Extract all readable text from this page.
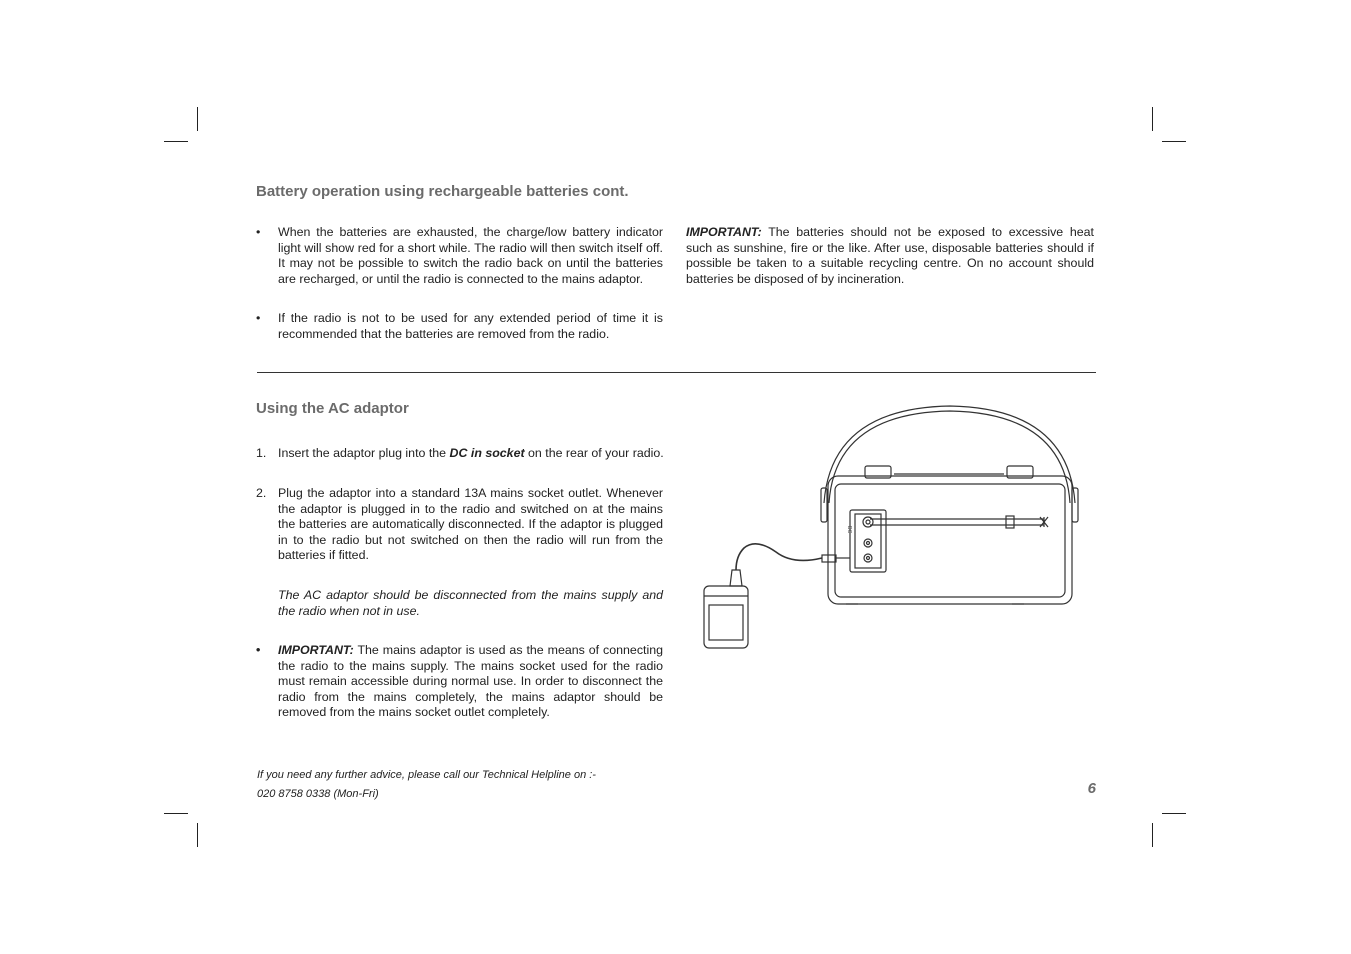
Battery operation using rechargeable batteries cont.
• When the batteries are exhausted, the charge/low battery indicator light will show red for a short while. The radio will then switch itself off. It may not be possible to switch the radio back on until the batteries are recharged, or until the radio is connected to the mains adaptor.

• If the radio is not to be used for any extended period of time it is recommended that the batteries are removed from the radio.

IMPORTANT: The batteries should not be exposed to excessive heat such as sunshine, fire or the like. After use, disposable batteries should if possible be taken to a suitable recycling centre. On no account should batteries be disposed of by incineration.

Using the AC adaptor
1. Insert the adaptor plug into the DC in socket on the rear of your radio.

2. Plug the adaptor into a standard 13A mains socket outlet. Whenever the adaptor is plugged in to the radio and switched on at the mains the batteries are automatically disconnected. If the adaptor is plugged in to the radio but not switched on then the radio will run from the batteries if fitted.

The AC adaptor should be disconnected from the mains supply and the radio when not in use.

• IMPORTANT: The mains adaptor is used as the means of connecting the radio to the mains supply. The mains socket used for the radio must remain accessible during normal use. In order to disconnect the radio from the mains completely, the mains adaptor should be removed from the mains socket outlet completely.

DC
If you need any further advice, please call our Technical Helpline on :-
020 8758 0338 (Mon-Fri)	6
